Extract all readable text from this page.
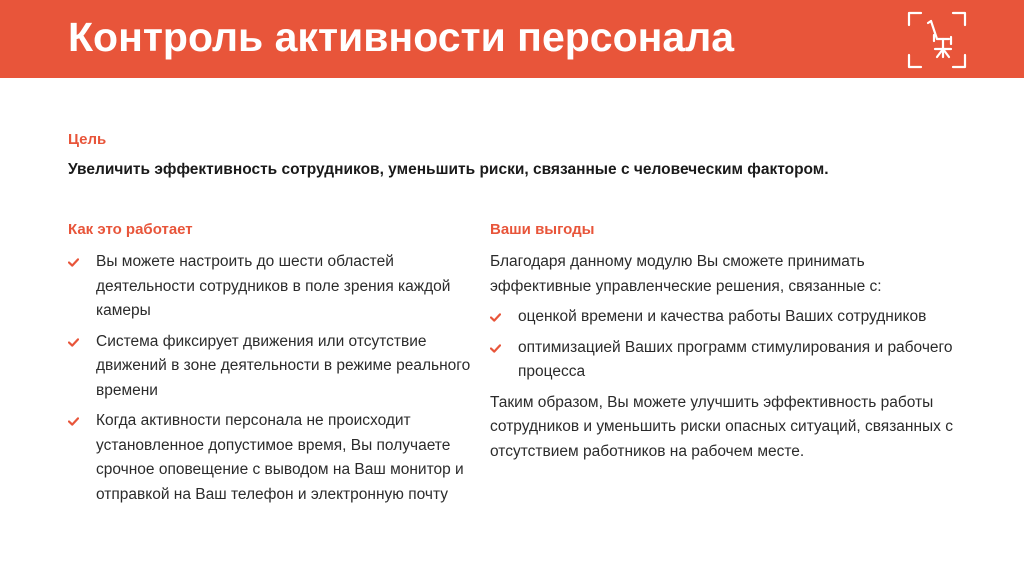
Контроль активности персонала
Цель
Увеличить эффективность сотрудников, уменьшить риски, связанные с человеческим фактором.
Как это работает	Ваши выгоды
Вы можете настроить до шести областей деятельности сотрудников в поле зрения каждой камеры
Система фиксирует движения или отсутствие движений в зоне деятельности в режиме реального времени
Когда активности персонала не происходит установленное допустимое время, Вы получаете срочное оповещение с выводом на Ваш монитор и отправкой на Ваш телефон и электронную почту

Благодаря данному модулю Вы сможете принимать эффективные управленческие решения, связанные с:

оценкой времени и качества работы Ваших сотрудников
оптимизацией Ваших программ стимулирования и рабочего процесса

Таким образом, Вы можете улучшить эффективность работы сотрудников и уменьшить риски опасных ситуаций, связанных с отсутствием работников на рабочем месте.
